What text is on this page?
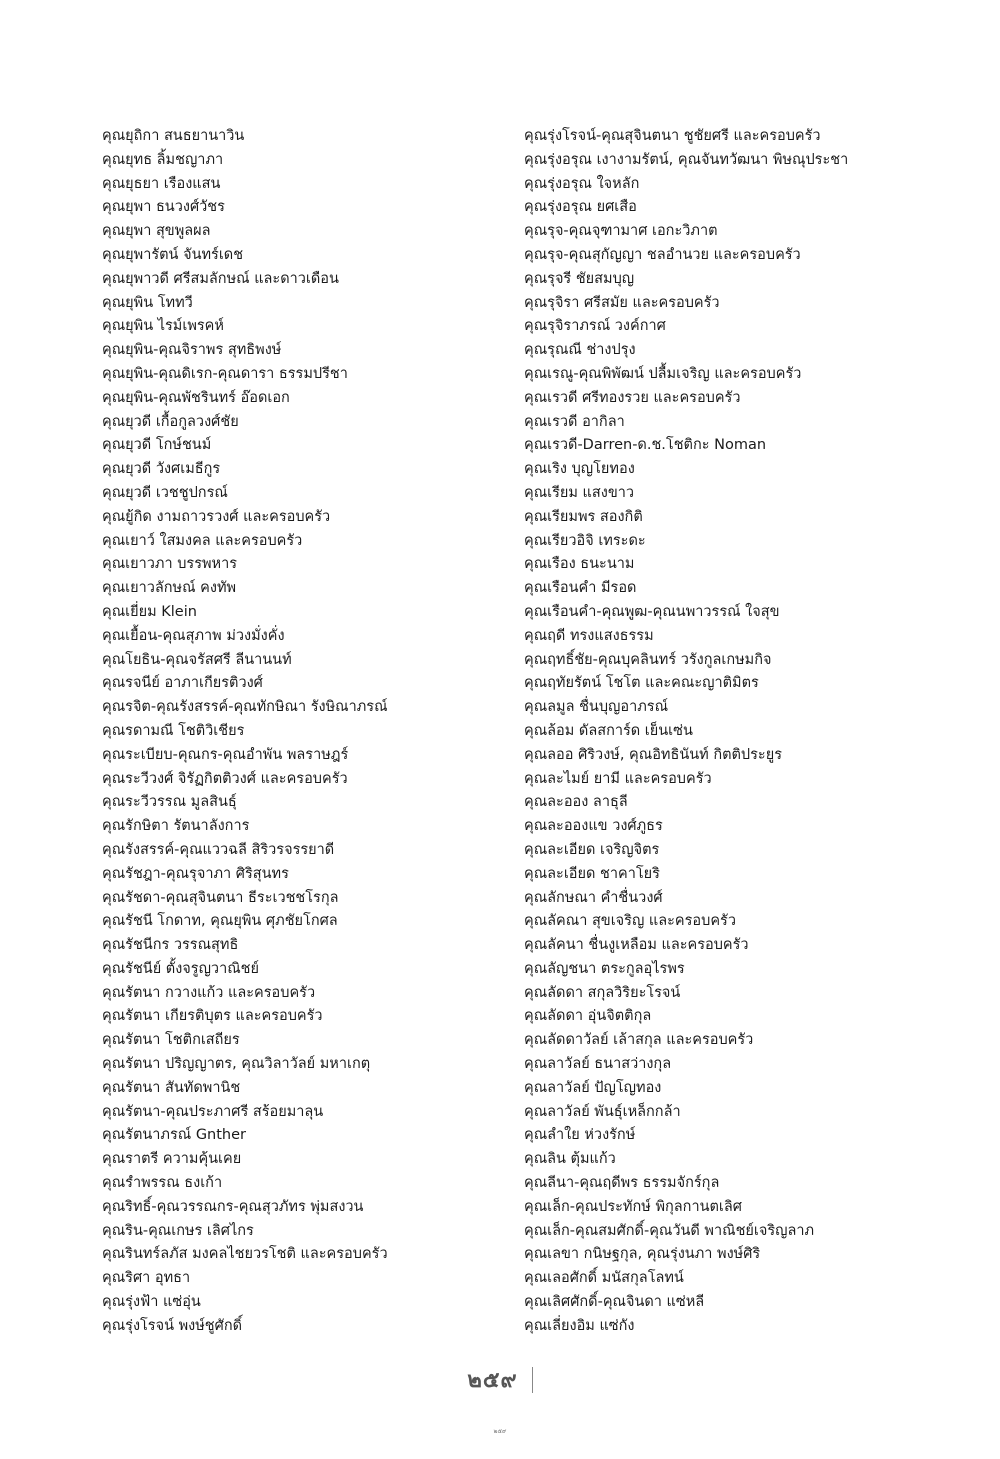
คุณยุถิกา สนธยานาวิน
คุณยุทธ ลิ้มชญาภา
คุณยุธยา เรืองแสน
คุณยุพา ธนวงศ์วัชร
คุณยุพา สุขพูลผล
คุณยุพารัตน์ จันทร์เดช
คุณยุพาวดี ศรีสมลักษณ์ และดาวเดือน
คุณยุพิน โททวี
คุณยุพิน ไรม์เพรคห์
คุณยุพิน-คุณจิราพร สุทธิพงษ์
คุณยุพิน-คุณดิเรก-คุณดารา ธรรมปรีชา
คุณยุพิน-คุณพัชรินทร์ อ๊อดเอก
คุณยุวดี เกื้อกูลวงศ์ชัย
คุณยุวดี โกษ์ชนม์
คุณยุวดี วังศเมธีกูร
คุณยุวดี เวชชูปกรณ์
คุณยู้กิด งามถาวรวงศ์ และครอบครัว
คุณเยาว์ ใสมงคล และครอบครัว
คุณเยาวภา บรรพหาร
คุณเยาวลักษณ์ คงทัพ
คุณเยี่ยม Klein
คุณเยื้อน-คุณสุภาพ ม่วงมั่งคั่ง
คุณโยธิน-คุณจรัสศรี ลีนานนท์
คุณรจนีย์ อาภาเกียรติวงศ์
คุณรจิต-คุณรังสรรค์-คุณทักษิณา รังษิณาภรณ์
คุณรดามณี โชติวิเชียร
คุณระเบียบ-คุณกร-คุณอำพัน พลราษฎร์
คุณระวีวงศ์ จิรัฏกิตติวงศ์ และครอบครัว
คุณระวีวรรณ มูลสินธุ์
คุณรักษิตา รัตนาลังการ
คุณรังสรรค์-คุณแววฉลี สิริวรจรรยาดี
คุณรัชฎา-คุณรุจาภา ศิริสุนทร
คุณรัชดา-คุณสุจินตนา ธีระเวชชโรกุล
คุณรัชนี โกดาท, คุณยุพิน ศุภชัยโกศล
คุณรัชนีกร วรรณสุทธิ
คุณรัชนีย์ ตั้งจรูญวาณิชย์
คุณรัตนา กวางแก้ว และครอบครัว
คุณรัตนา เกียรติบุตร และครอบครัว
คุณรัตนา โชติกเสถียร
คุณรัตนา ปริญญาตร, คุณวิลาวัลย์ มหาเกตุ
คุณรัตนา สันทัดพานิช
คุณรัตนา-คุณประภาศรี สร้อยมาลุน
คุณรัตนาภรณ์ Gnther
คุณราตรี ความคุ้นเคย
คุณรำพรรณ ธงเก้า
คุณริทธิ์-คุณวรรณกร-คุณสุวภัทร พุ่มสงวน
คุณริน-คุณเกษร เลิศไกร
คุณรินทร์ลภัส มงคลไชยวรโชติ และครอบครัว
คุณริศา อุทธา
คุณรุ่งฟ้า แซ่อุ่น
คุณรุ่งโรจน์ พงษ์ชูศักดิ์
คุณรุ่งโรจน์-คุณสุจินตนา ชูชัยศรี และครอบครัว
คุณรุ่งอรุณ เงางามรัตน์, คุณจันทวัฒนา พิษณุประชา
คุณรุ่งอรุณ ใจหลัก
คุณรุ่งอรุณ ยศเสือ
คุณรุจ-คุณจุฑามาศ เอกะวิภาต
คุณรุจ-คุณสุกัญญา ชลอำนวย และครอบครัว
คุณรุจรี ชัยสมบุญ
คุณรุจิรา ศรีสมัย และครอบครัว
คุณรุจิราภรณ์ วงค์กาศ
คุณรุณณี ช่างปรุง
คุณเรณู-คุณพิพัฒน์ ปลื้มเจริญ และครอบครัว
คุณเรวดี ศรีทองรวย และครอบครัว
คุณเรวดี อากิลา
คุณเรวดี-Darren-ด.ช.โชติกะ Noman
คุณเริง บุญโยทอง
คุณเรียม แสงขาว
คุณเรียมพร สองกิติ
คุณเรียวอิจิ เทระดะ
คุณเรือง ธนะนาม
คุณเรือนคำ มีรอด
คุณเรือนคำ-คุณพูฒ-คุณนพาวรรณ์ ใจสุข
คุณฤดี ทรงแสงธรรม
คุณฤทธิ์ชัย-คุณบุคลินทร์ วรังกูลเกษมกิจ
คุณฤทัยรัตน์ โชโต และคณะญาติมิตร
คุณลมูล ชื่นบุญอาภรณ์
คุณล้อม ดัลสการ์ด เย็นเซ่น
คุณลออ ศิริวงษ์, คุณอิทธินันท์ กิตติประยูร
คุณละไมย์ ยามี และครอบครัว
คุณละออง ลาธุลี
คุณละอองแข วงศ์ภูธร
คุณละเอียด เจริญจิตร
คุณละเอียด ชาคาโยริ
คุณลักษณา คำชื่นวงศ์
คุณลัคณา สุขเจริญ และครอบครัว
คุณลัคนา ชื่นงูเหลือม และครอบครัว
คุณลัญชนา ตระกูลอุไรพร
คุณลัดดา สกุลวิริยะโรจน์
คุณลัดดา อุ่นจิตติกุล
คุณลัดดาวัลย์ เล้าสกุล และครอบครัว
คุณลาวัลย์ ธนาสว่างกุล
คุณลาวัลย์ ปัญโญทอง
คุณลาวัลย์ พันธุ์เหล็กกล้า
คุณลำใย ห่วงรักษ์
คุณลิน ตุ้มแก้ว
คุณลีนา-คุณฤดีพร ธรรมจักร์กุล
คุณเล็ก-คุณประทักษ์ พิกุลกานตเลิศ
คุณเล็ก-คุณสมศักดิ์-คุณวันดี พาณิชย์เจริญลาภ
คุณเลขา กนิษฐกุล, คุณรุ่งนภา พงษ์ศิริ
คุณเลอศักดิ์ มนัสกุลโลทน์
คุณเลิศศักดิ์-คุณจินดา แซ่หลี
คุณเลี่ยงอิม แซ่กัง
๒๕๙
๒๕๙
